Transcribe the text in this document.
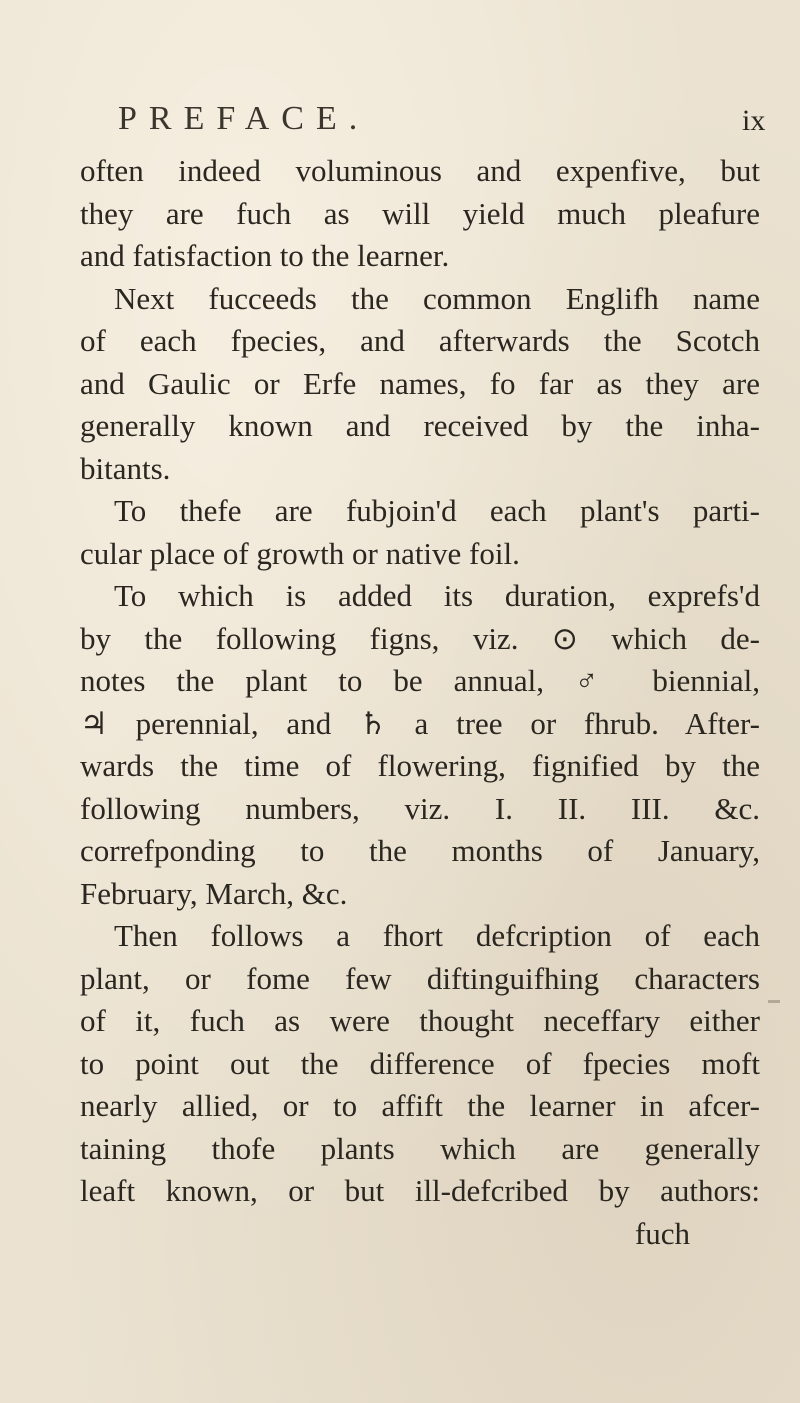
PREFACE.	ix
often indeed voluminous and expenfive, but
they are fuch as will yield much pleafure
and fatisfaction to the learner.
Next fucceeds the common Englifh name
of each fpecies, and afterwards the Scotch
and Gaulic or Erfe names, fo far as they are
generally known and received by the inha-
bitants.
To thefe are fubjoin'd each plant's parti-
cular place of growth or native foil.
To which is added its duration, exprefs'd
by the following figns, viz. ⊙ which de-
notes the plant to be annual, ♂ biennial,
♃ perennial, and ♄ a tree or fhrub. After-
wards the time of flowering, fignified by the
following numbers, viz. I. II. III. &c.
correfponding to the months of January,
February, March, &c.
Then follows a fhort defcription of each
plant, or fome few diftinguifhing characters
of it, fuch as were thought neceffary either
to point out the difference of fpecies moft
nearly allied, or to affift the learner in afcer-
taining thofe plants which are generally
leaft known, or but ill-defcribed by authors:
fuch
